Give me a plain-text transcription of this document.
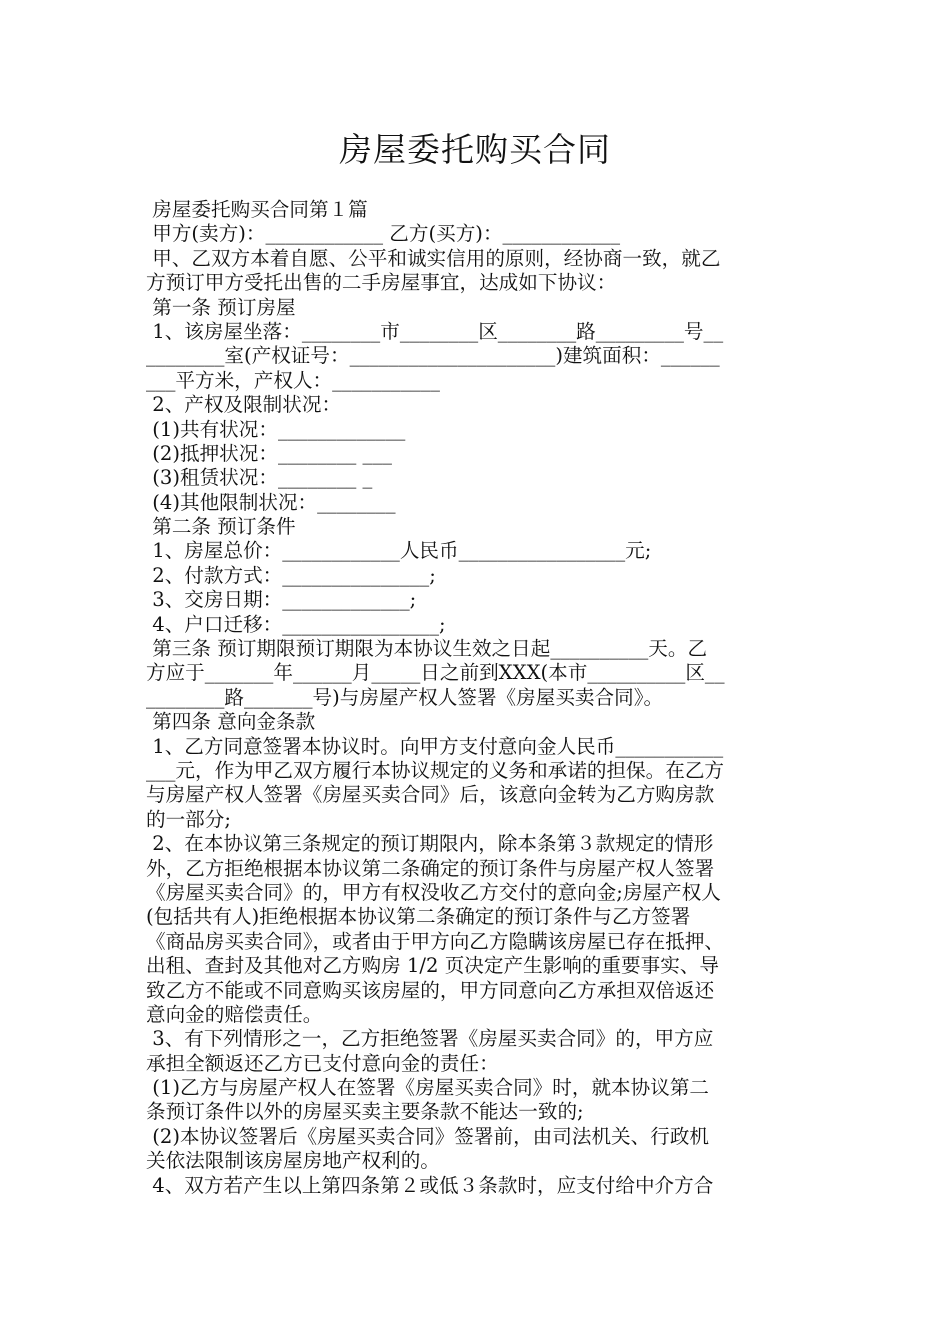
房屋委托购买合同
房屋委托购买合同第１篇
甲方(卖方)：____________ 乙方(买方)：____________
甲、乙双方本着自愿、公平和诚实信用的原则，经协商一致，就乙
方预订甲方受托出售的二手房屋事宜，达成如下协议：
第一条 预订房屋
1、该房屋坐落：________市________区________路_________号__
________室(产权证号：_____________________)建筑面积：______
___平方米，产权人：___________
2、产权及限制状况：
(1)共有状况：_____________
(2)抵押状况：________ ___
(3)租赁状况：________ _
(4)其他限制状况：________
第二条 预订条件
1、房屋总价：____________人民币_________________元;
2、付款方式：_______________;
3、交房日期：_____________;
4、户口迁移：________________;
第三条 预订期限预订期限为本协议生效之日起__________天。乙
方应于_______年______月_____日之前到XXX(本市__________区__
________路_______号)与房屋产权人签署《房屋买卖合同》。
第四条 意向金条款
1、乙方同意签署本协议时。向甲方支付意向金人民币___________
___元，作为甲乙双方履行本协议规定的义务和承诺的担保。在乙方
与房屋产权人签署《房屋买卖合同》后，该意向金转为乙方购房款
的一部分;
2、在本协议第三条规定的预订期限内，除本条第３款规定的情形
外，乙方拒绝根据本协议第二条确定的预订条件与房屋产权人签署
《房屋买卖合同》的，甲方有权没收乙方交付的意向金;房屋产权人
(包括共有人)拒绝根据本协议第二条确定的预订条件与乙方签署
《商品房买卖合同》，或者由于甲方向乙方隐瞒该房屋已存在抵押、
出租、查封及其他对乙方购房 1/2 页决定产生影响的重要事实、导
致乙方不能或不同意购买该房屋的，甲方同意向乙方承担双倍返还
意向金的赔偿责任。
3、有下列情形之一，乙方拒绝签署《房屋买卖合同》的，甲方应
承担全额返还乙方已支付意向金的责任：
(1)乙方与房屋产权人在签署《房屋买卖合同》时，就本协议第二
条预订条件以外的房屋买卖主要条款不能达一致的;
(2)本协议签署后《房屋买卖合同》签署前，由司法机关、行政机
关依法限制该房屋房地产权利的。
4、双方若产生以上第四条第２或低３条款时，应支付给中介方合
